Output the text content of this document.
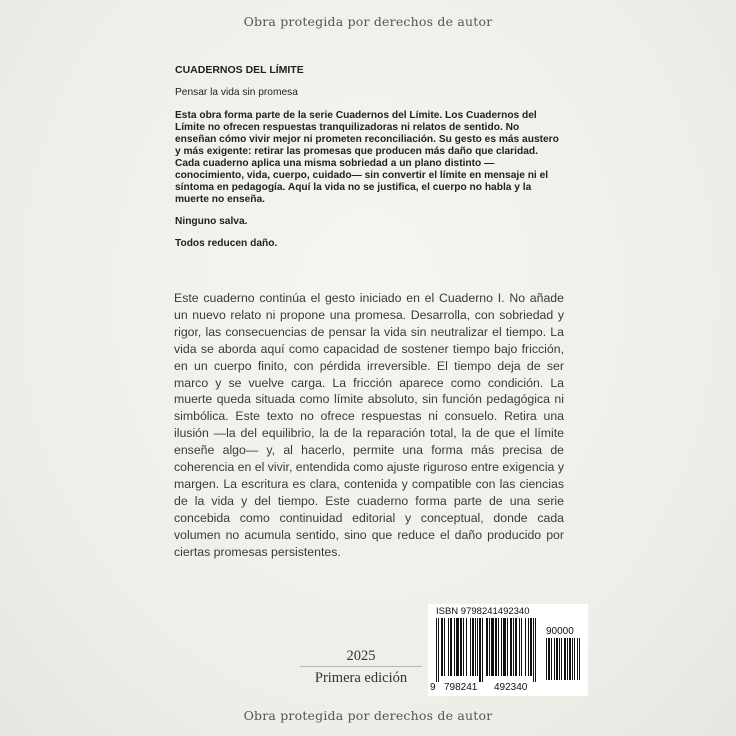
Obra protegida por derechos de autor

CUADERNOS DEL LÍMITE

Pensar la vida sin promesa

Esta obra forma parte de la serie Cuadernos del Límite. Los Cuadernos del Límite no ofrecen respuestas tranquilizadoras ni relatos de sentido. No enseñan cómo vivir mejor ni prometen reconciliación. Su gesto es más austero y más exigente: retirar las promesas que producen más daño que claridad. Cada cuaderno aplica una misma sobriedad a un plano distinto — conocimiento, vida, cuerpo, cuidado— sin convertir el límite en mensaje ni el síntoma en pedagogía. Aquí la vida no se justifica, el cuerpo no habla y la muerte no enseña.

Ninguno salva.

Todos reducen daño.

Este cuaderno continúa el gesto iniciado en el Cuaderno I. No añade un nuevo relato ni propone una promesa. Desarrolla, con sobriedad y rigor, las consecuencias de pensar la vida sin neutralizar el tiempo. La vida se aborda aquí como capacidad de sostener tiempo bajo fricción, en un cuerpo finito, con pérdida irreversible. El tiempo deja de ser marco y se vuelve carga. La fricción aparece como condición. La muerte queda situada como límite absoluto, sin función pedagógica ni simbólica. Este texto no ofrece respuestas ni consuelo. Retira una ilusión —la del equilibrio, la de la reparación total, la de que el límite enseñe algo— y, al hacerlo, permite una forma más precisa de coherencia en el vivir, entendida como ajuste riguroso entre exigencia y margen. La escritura es clara, contenida y compatible con las ciencias de la vida y del tiempo. Este cuaderno forma parte de una serie concebida como continuidad editorial y conceptual, donde cada volumen no acumula sentido, sino que reduce el daño producido por ciertas promesas persistentes.

2025
Primera edición
ISBN 9798241492340
90000
9 798241 492340
Obra protegida por derechos de autor
